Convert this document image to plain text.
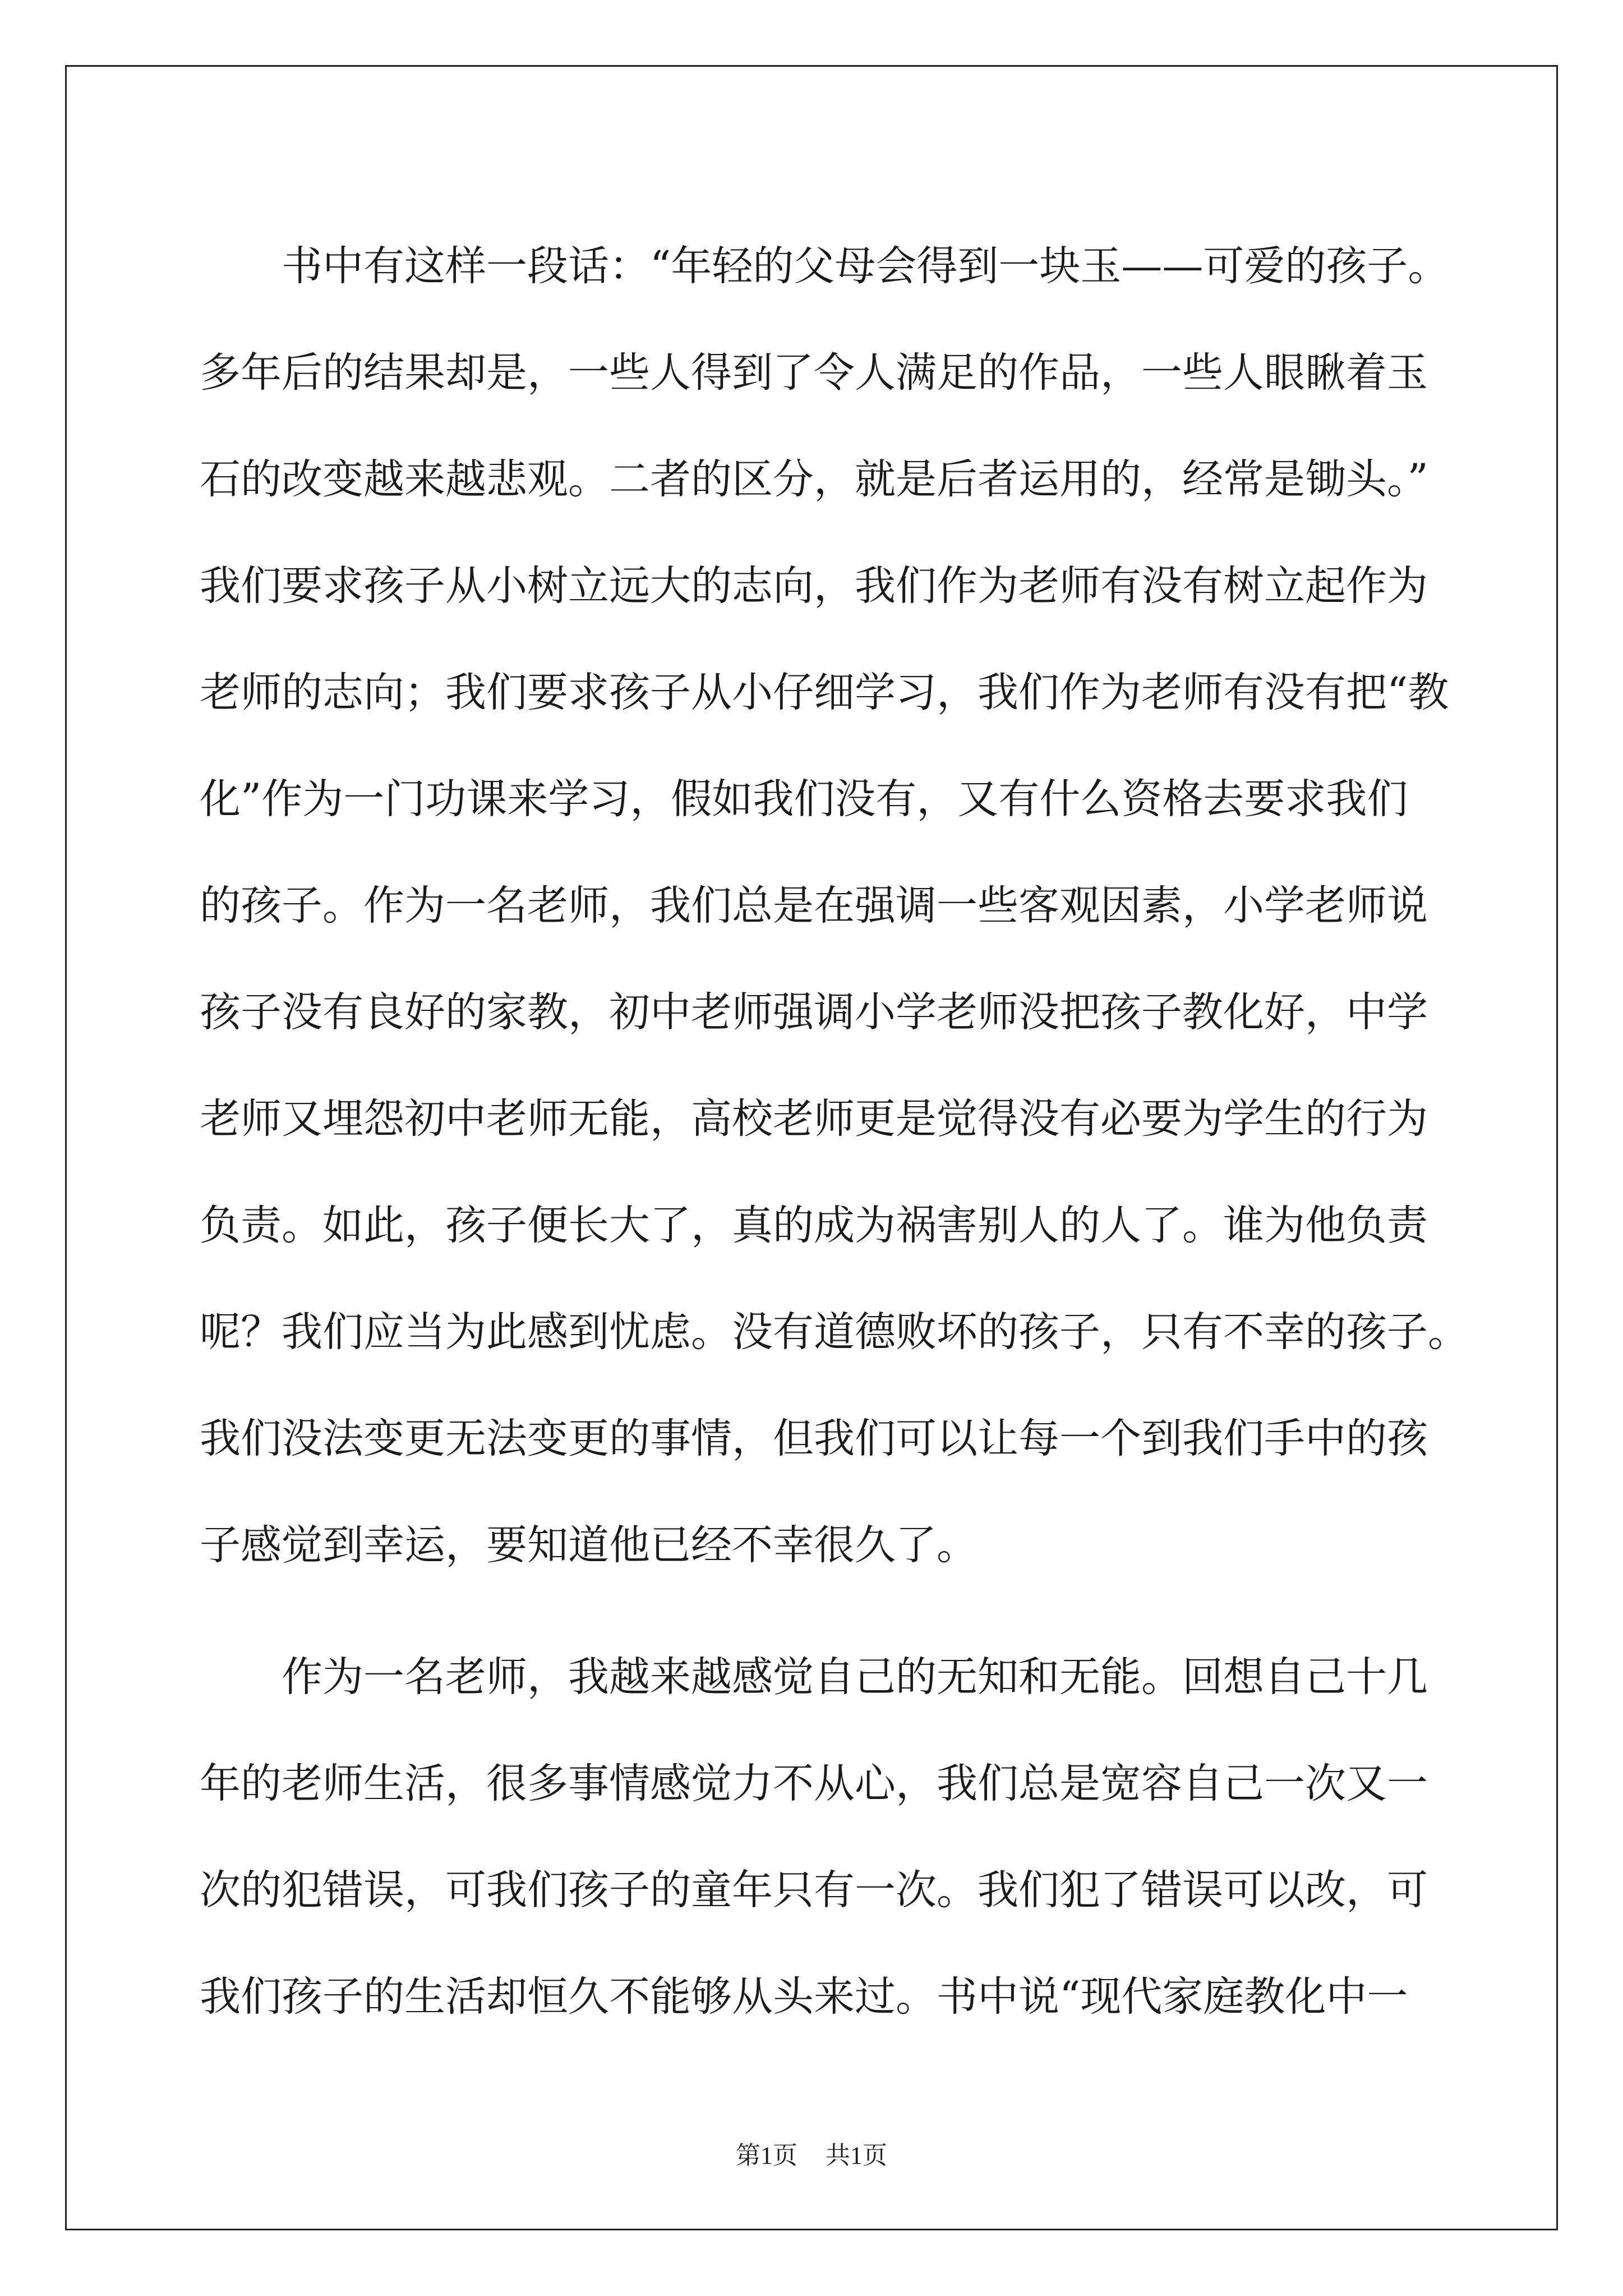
　　书中有这样一段话：“年轻的父母会得到一块玉——可爱的孩子。
多年后的结果却是，一些人得到了令人满足的作品，一些人眼瞅着玉
石的改变越来越悲观。二者的区分，就是后者运用的，经常是锄头。”
我们要求孩子从小树立远大的志向，我们作为老师有没有树立起作为
老师的志向；我们要求孩子从小仔细学习，我们作为老师有没有把“教
化”作为一门功课来学习，假如我们没有，又有什么资格去要求我们
的孩子。作为一名老师，我们总是在强调一些客观因素，小学老师说
孩子没有良好的家教，初中老师强调小学老师没把孩子教化好，中学
老师又埋怨初中老师无能，高校老师更是觉得没有必要为学生的行为
负责。如此，孩子便长大了，真的成为祸害别人的人了。谁为他负责
呢？我们应当为此感到忧虑。没有道德败坏的孩子，只有不幸的孩子。
我们没法变更无法变更的事情，但我们可以让每一个到我们手中的孩
子感觉到幸运，要知道他已经不幸很久了。
　　作为一名老师，我越来越感觉自己的无知和无能。回想自己十几
年的老师生活，很多事情感觉力不从心，我们总是宽容自己一次又一
次的犯错误，可我们孩子的童年只有一次。我们犯了错误可以改，可
我们孩子的生活却恒久不能够从头来过。书中说“现代家庭教化中一
第1页 共1页
